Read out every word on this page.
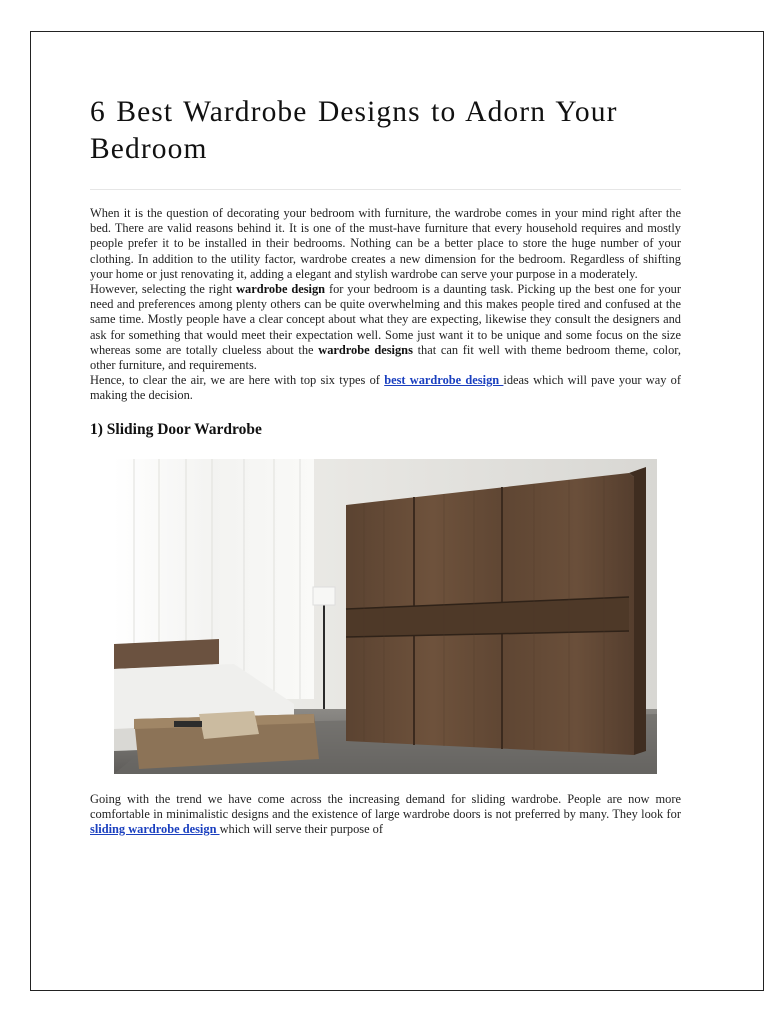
6 Best Wardrobe Designs to Adorn Your Bedroom

When it is the question of decorating your bedroom with furniture, the wardrobe comes in your mind right after the bed. There are valid reasons behind it. It is one of the must-have furniture that every household requires and mostly people prefer it to be installed in their bedrooms. Nothing can be a better place to store the huge number of your clothing. In addition to the utility factor, wardrobe creates a new dimension for the bedroom. Regardless of shifting your home or just renovating it, adding a elegant and stylish wardrobe can serve your purpose in a moderately.

However, selecting the right wardrobe design for your bedroom is a daunting task. Picking up the best one for your need and preferences among plenty others can be quite overwhelming and this makes people tired and confused at the same time. Mostly people have a clear concept about what they are expecting, likewise they consult the designers and ask for something that would meet their expectation well. Some just want it to be unique and some focus on the size whereas some are totally clueless about the wardrobe designs that can fit well with theme bedroom theme, color, other furniture, and requirements.

Hence, to clear the air, we are here with top six types of best wardrobe design ideas which will pave your way of making the decision.

1) Sliding Door Wardrobe

Going with the trend we have come across the increasing demand for sliding wardrobe. People are now more comfortable in minimalistic designs and the existence of large wardrobe doors is not preferred by many. They look for sliding wardrobe design which will serve their purpose of
